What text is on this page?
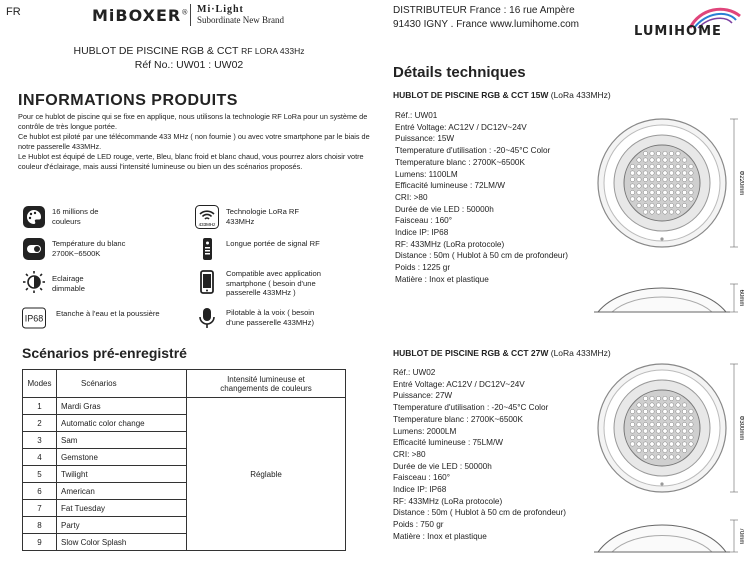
FR	MiBOXER® Mi·Light
Subordinate New Brand
DISTRIBUTEUR France : 16 rue Ampère
91430 IGNY . France www.lumihome.com	LUMIHOME
HUBLOT DE PISCINE RGB & CCT RF LORA 433Hz
Réf No.: UW01 : UW02
INFORMATIONS PRODUITS
Pour ce hublot de piscine qui se fixe en applique, nous utilisons la technologie RF LoRa pour un système de contrôle de très longue portée.
Ce hublot est piloté par une télécommande 433 MHz ( non fournie ) ou avec votre smartphone par le biais de notre passerelle 433MHz.
Le Hublot est équipé de LED rouge, verte, Bleu, blanc froid et blanc chaud, vous pourrez alors choisir votre couleur d'éclairage, mais aussi l'intensité lumineuse ou bien un des scénarios proposés.
16 millions de
couleurs	433MHz
Technologie LoRa RF
433MHz
Température du blanc
2700K~6500K
Longue portée de signal RF
Eclairage
dimmable
Compatible avec application
smartphone ( besoin d'une
passerelle 433MHz )
IP68 Etanche à l'eau et la poussière	Pilotable à la voix ( besoin
d'une passerelle 433MHz)
Scénarios pré-enregistré
Modes	Scénarios	Intensité lumineuse et
changements de couleurs
1	Mardi Gras	Réglable
2	Automatic color change	
3	Sam	
4	Gemstone	
5	Twilight	
6	American	
7	Fat Tuesday	
8	Party	
9	Slow Color Splash	
Détails techniques
HUBLOT DE PISCINE RGB & CCT 15W (LoRa 433MHz)
Réf.: UW01
Entré Voltage: AC12V / DC12V~24V
Puissance: 15W
Ttemperature d'utilisation : -20~45°C Color
Ttemperature blanc : 2700K~6500K
Lumens: 1100LM
Efficacité lumineuse : 72LM/W
CRI: >80
Durée de vie LED : 50000h
Faisceau : 160°
Indice IP: IP68
RF: 433MHz (LoRa protocole)
Distance : 50m ( Hublot à 50 cm de profondeur)
Poids : 1225 gr
Matière : Inox et plastique
Φ220mm
60mm
HUBLOT DE PISCINE RGB & CCT 27W (LoRa 433MHz)
Réf.: UW02
Entré Voltage: AC12V / DC12V~24V
Puissance: 27W
Ttemperature d'utilisation : -20~45°C Color
Ttemperature blanc : 2700K~6500K
Lumens: 2000LM
Efficacité lumineuse : 75LM/W
CRI: >80
Durée de vie LED : 50000h
Faisceau : 160°
Indice IP: IP68
RF: 433MHz (LoRa protocole)
Distance : 50m ( Hublot à 50 cm de profondeur)
Poids : 750 gr
Matière : Inox et plastique
Φ300mm
70mm
